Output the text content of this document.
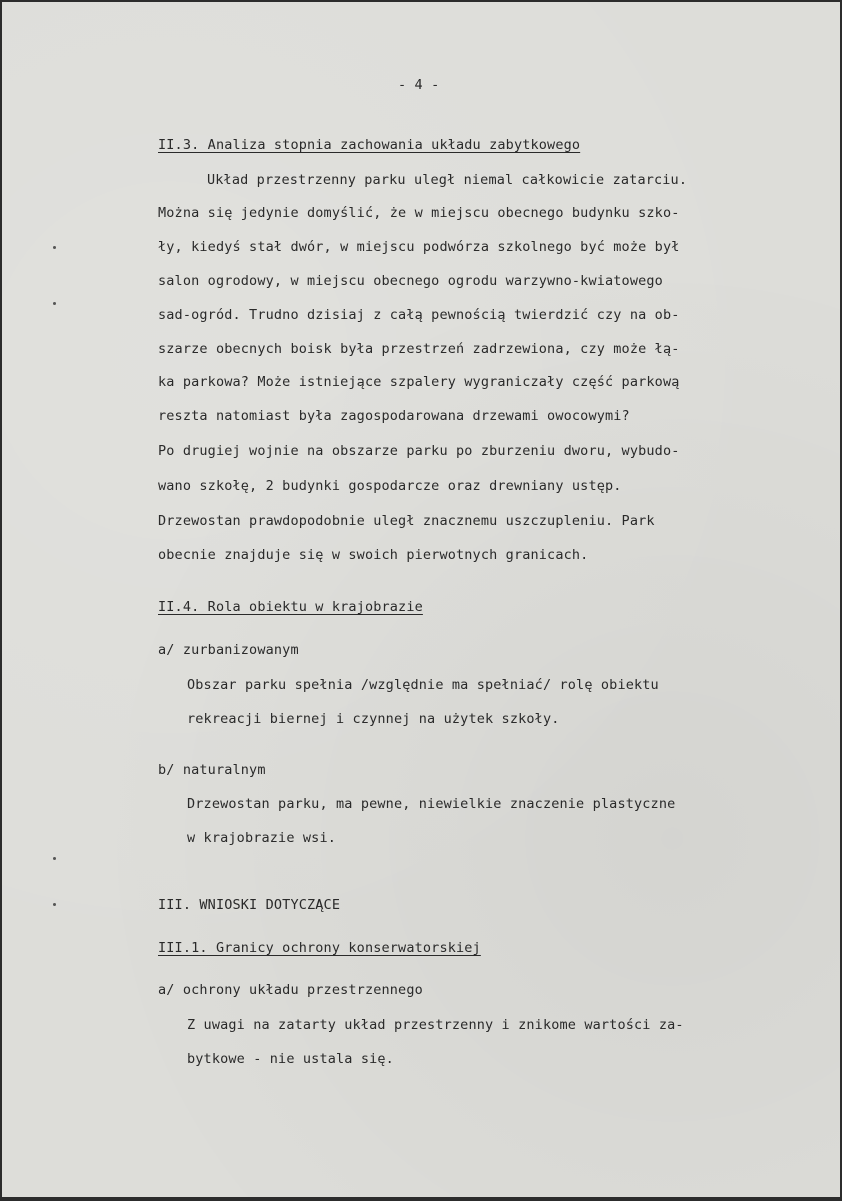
- 4 -
II.3. Analiza stopnia zachowania układu zabytkowego
Układ przestrzenny parku uległ niemal całkowicie zatarciu.
Można się jedynie domyślić, że w miejscu obecnego budynku szko-
ły, kiedyś stał dwór, w miejscu podwórza szkolnego być może był
salon ogrodowy, w miejscu obecnego ogrodu warzywno-kwiatowego
sad-ogród. Trudno dzisiaj z całą pewnością twierdzić czy na ob-
szarze obecnych boisk była przestrzeń zadrzewiona, czy może łą-
ka parkowa? Może istniejące szpalery wygraniczały część parkową
reszta natomiast była zagospodarowana drzewami owocowymi?
Po drugiej wojnie na obszarze parku po zburzeniu dworu, wybudo-
wano szkołę, 2 budynki gospodarcze oraz drewniany ustęp.
Drzewostan prawdopodobnie uległ znacznemu uszczupleniu. Park
obecnie znajduje się w swoich pierwotnych granicach.
II.4. Rola obiektu w krajobrazie
a/ zurbanizowanym
Obszar parku spełnia /względnie ma spełniać/ rolę obiektu
rekreacji biernej i czynnej na użytek szkoły.
b/ naturalnym
Drzewostan parku, ma pewne, niewielkie znaczenie plastyczne
w krajobrazie wsi.
III. WNIOSKI DOTYCZĄCE
III.1. Granicy ochrony konserwatorskiej
a/ ochrony układu przestrzennego
Z uwagi na zatarty układ przestrzenny i znikome wartości za-
bytkowe - nie ustala się.
